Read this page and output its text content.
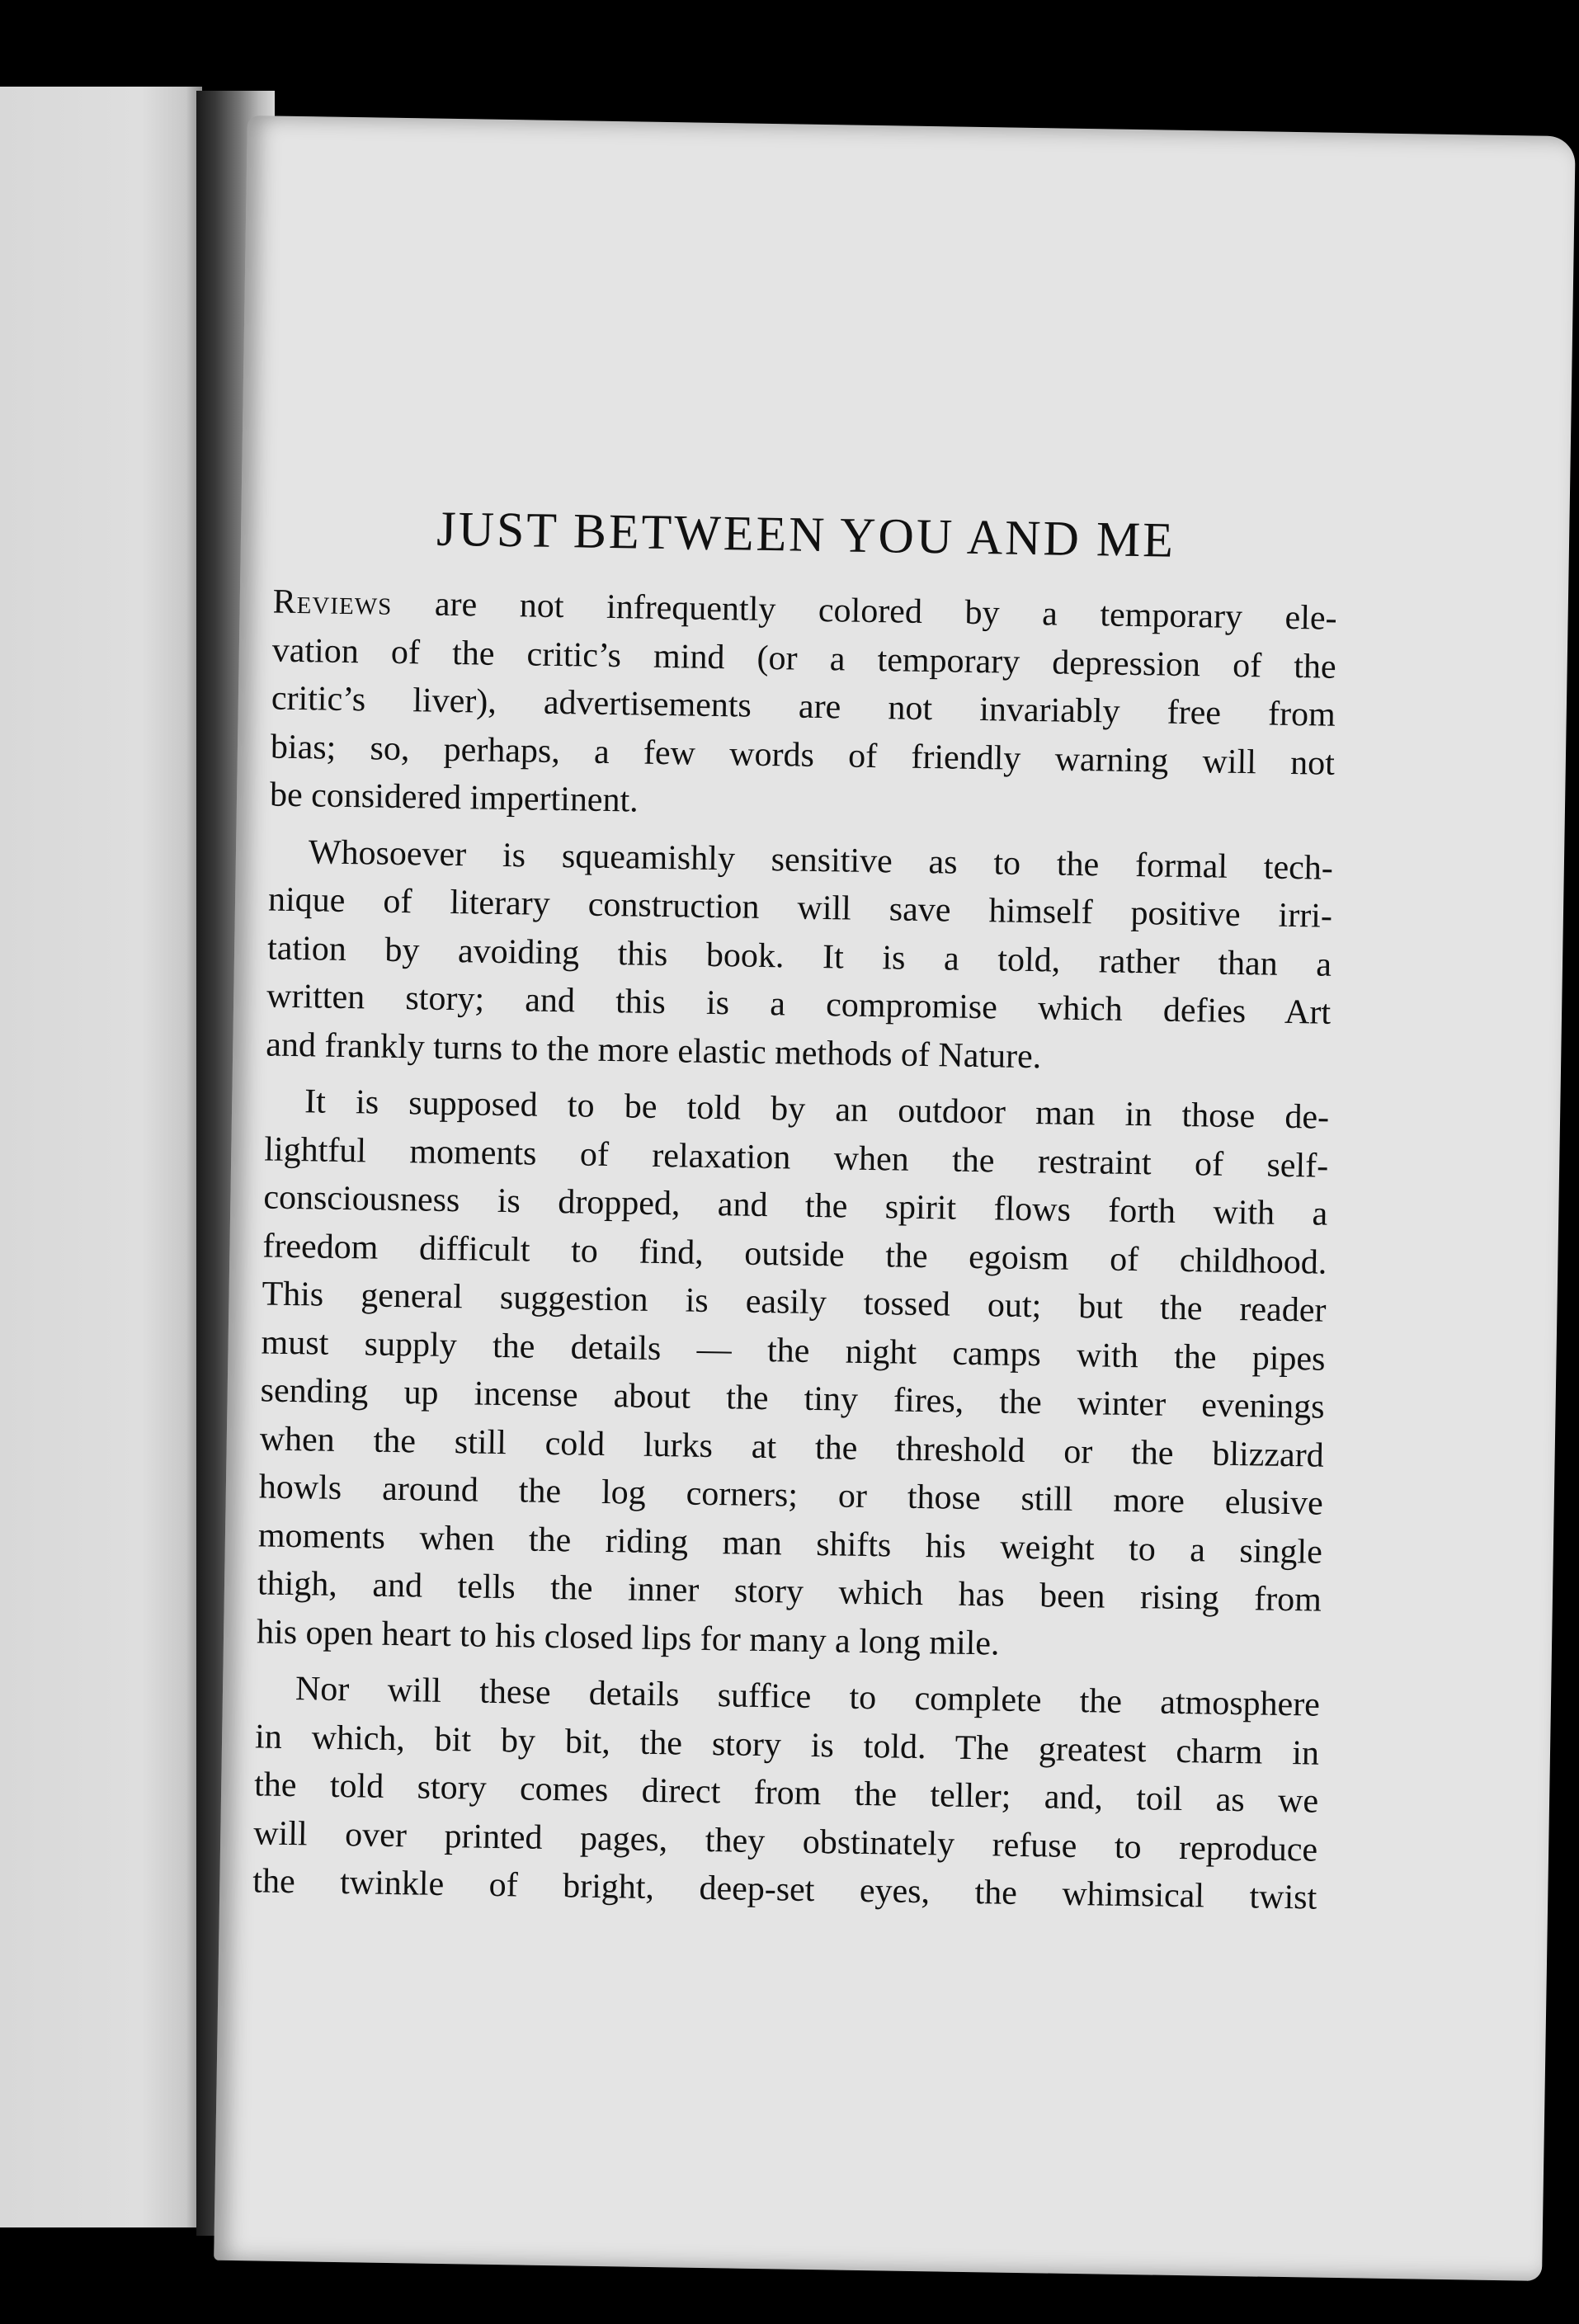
JUST BETWEEN YOU AND ME
Reviews are not infrequently colored by a temporary ele-
vation of the critic’s mind (or a temporary depression of the
critic’s liver), advertisements are not invariably free from
bias; so, perhaps, a few words of friendly warning will not
be considered impertinent.
Whosoever is squeamishly sensitive as to the formal tech-
nique of literary construction will save himself positive irri-
tation by avoiding this book. It is a told, rather than a
written story; and this is a compromise which defies Art
and frankly turns to the more elastic methods of Nature.
It is supposed to be told by an outdoor man in those de-
lightful moments of relaxation when the restraint of self-
consciousness is dropped, and the spirit flows forth with a
freedom difficult to find, outside the egoism of childhood.
This general suggestion is easily tossed out; but the reader
must supply the details — the night camps with the pipes
sending up incense about the tiny fires, the winter evenings
when the still cold lurks at the threshold or the blizzard
howls around the log corners; or those still more elusive
moments when the riding man shifts his weight to a single
thigh, and tells the inner story which has been rising from
his open heart to his closed lips for many a long mile.
Nor will these details suffice to complete the atmosphere
in which, bit by bit, the story is told. The greatest charm in
the told story comes direct from the teller; and, toil as we
will over printed pages, they obstinately refuse to reproduce
the twinkle of bright, deep-set eyes, the whimsical twist
